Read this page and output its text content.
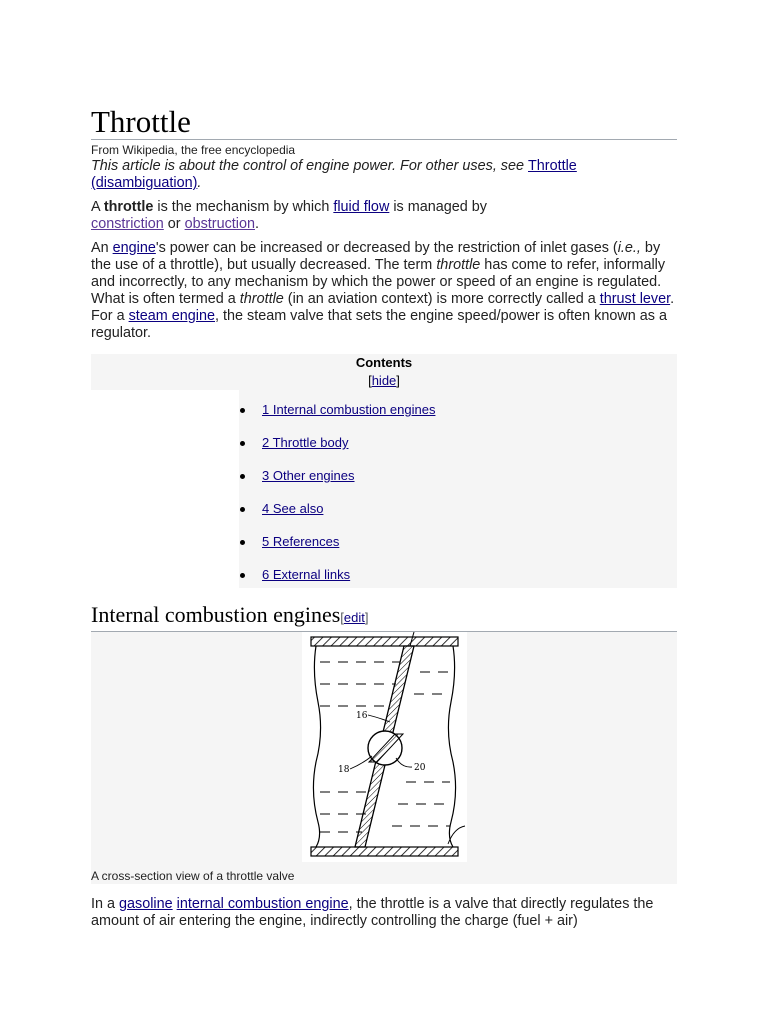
Throttle
From Wikipedia, the free encyclopedia
This article is about the control of engine power. For other uses, see Throttle (disambiguation).

A throttle is the mechanism by which fluid flow is managed by constriction or obstruction.

An engine's power can be increased or decreased by the restriction of inlet gases (i.e., by the use of a throttle), but usually decreased. The term throttle has come to refer, informally and incorrectly, to any mechanism by which the power or speed of an engine is regulated. What is often termed a throttle (in an aviation context) is more correctly called a thrust lever. For a steam engine, the steam valve that sets the engine speed/power is often known as a regulator.

Contents
[hide]
1 Internal combustion engines
2 Throttle body
3 Other engines
4 See also
5 References
6 External links
Internal combustion engines[edit]
16
18	20
A cross-section view of a throttle valve

In a gasoline internal combustion engine, the throttle is a valve that directly regulates the amount of air entering the engine, indirectly controlling the charge (fuel + air)
